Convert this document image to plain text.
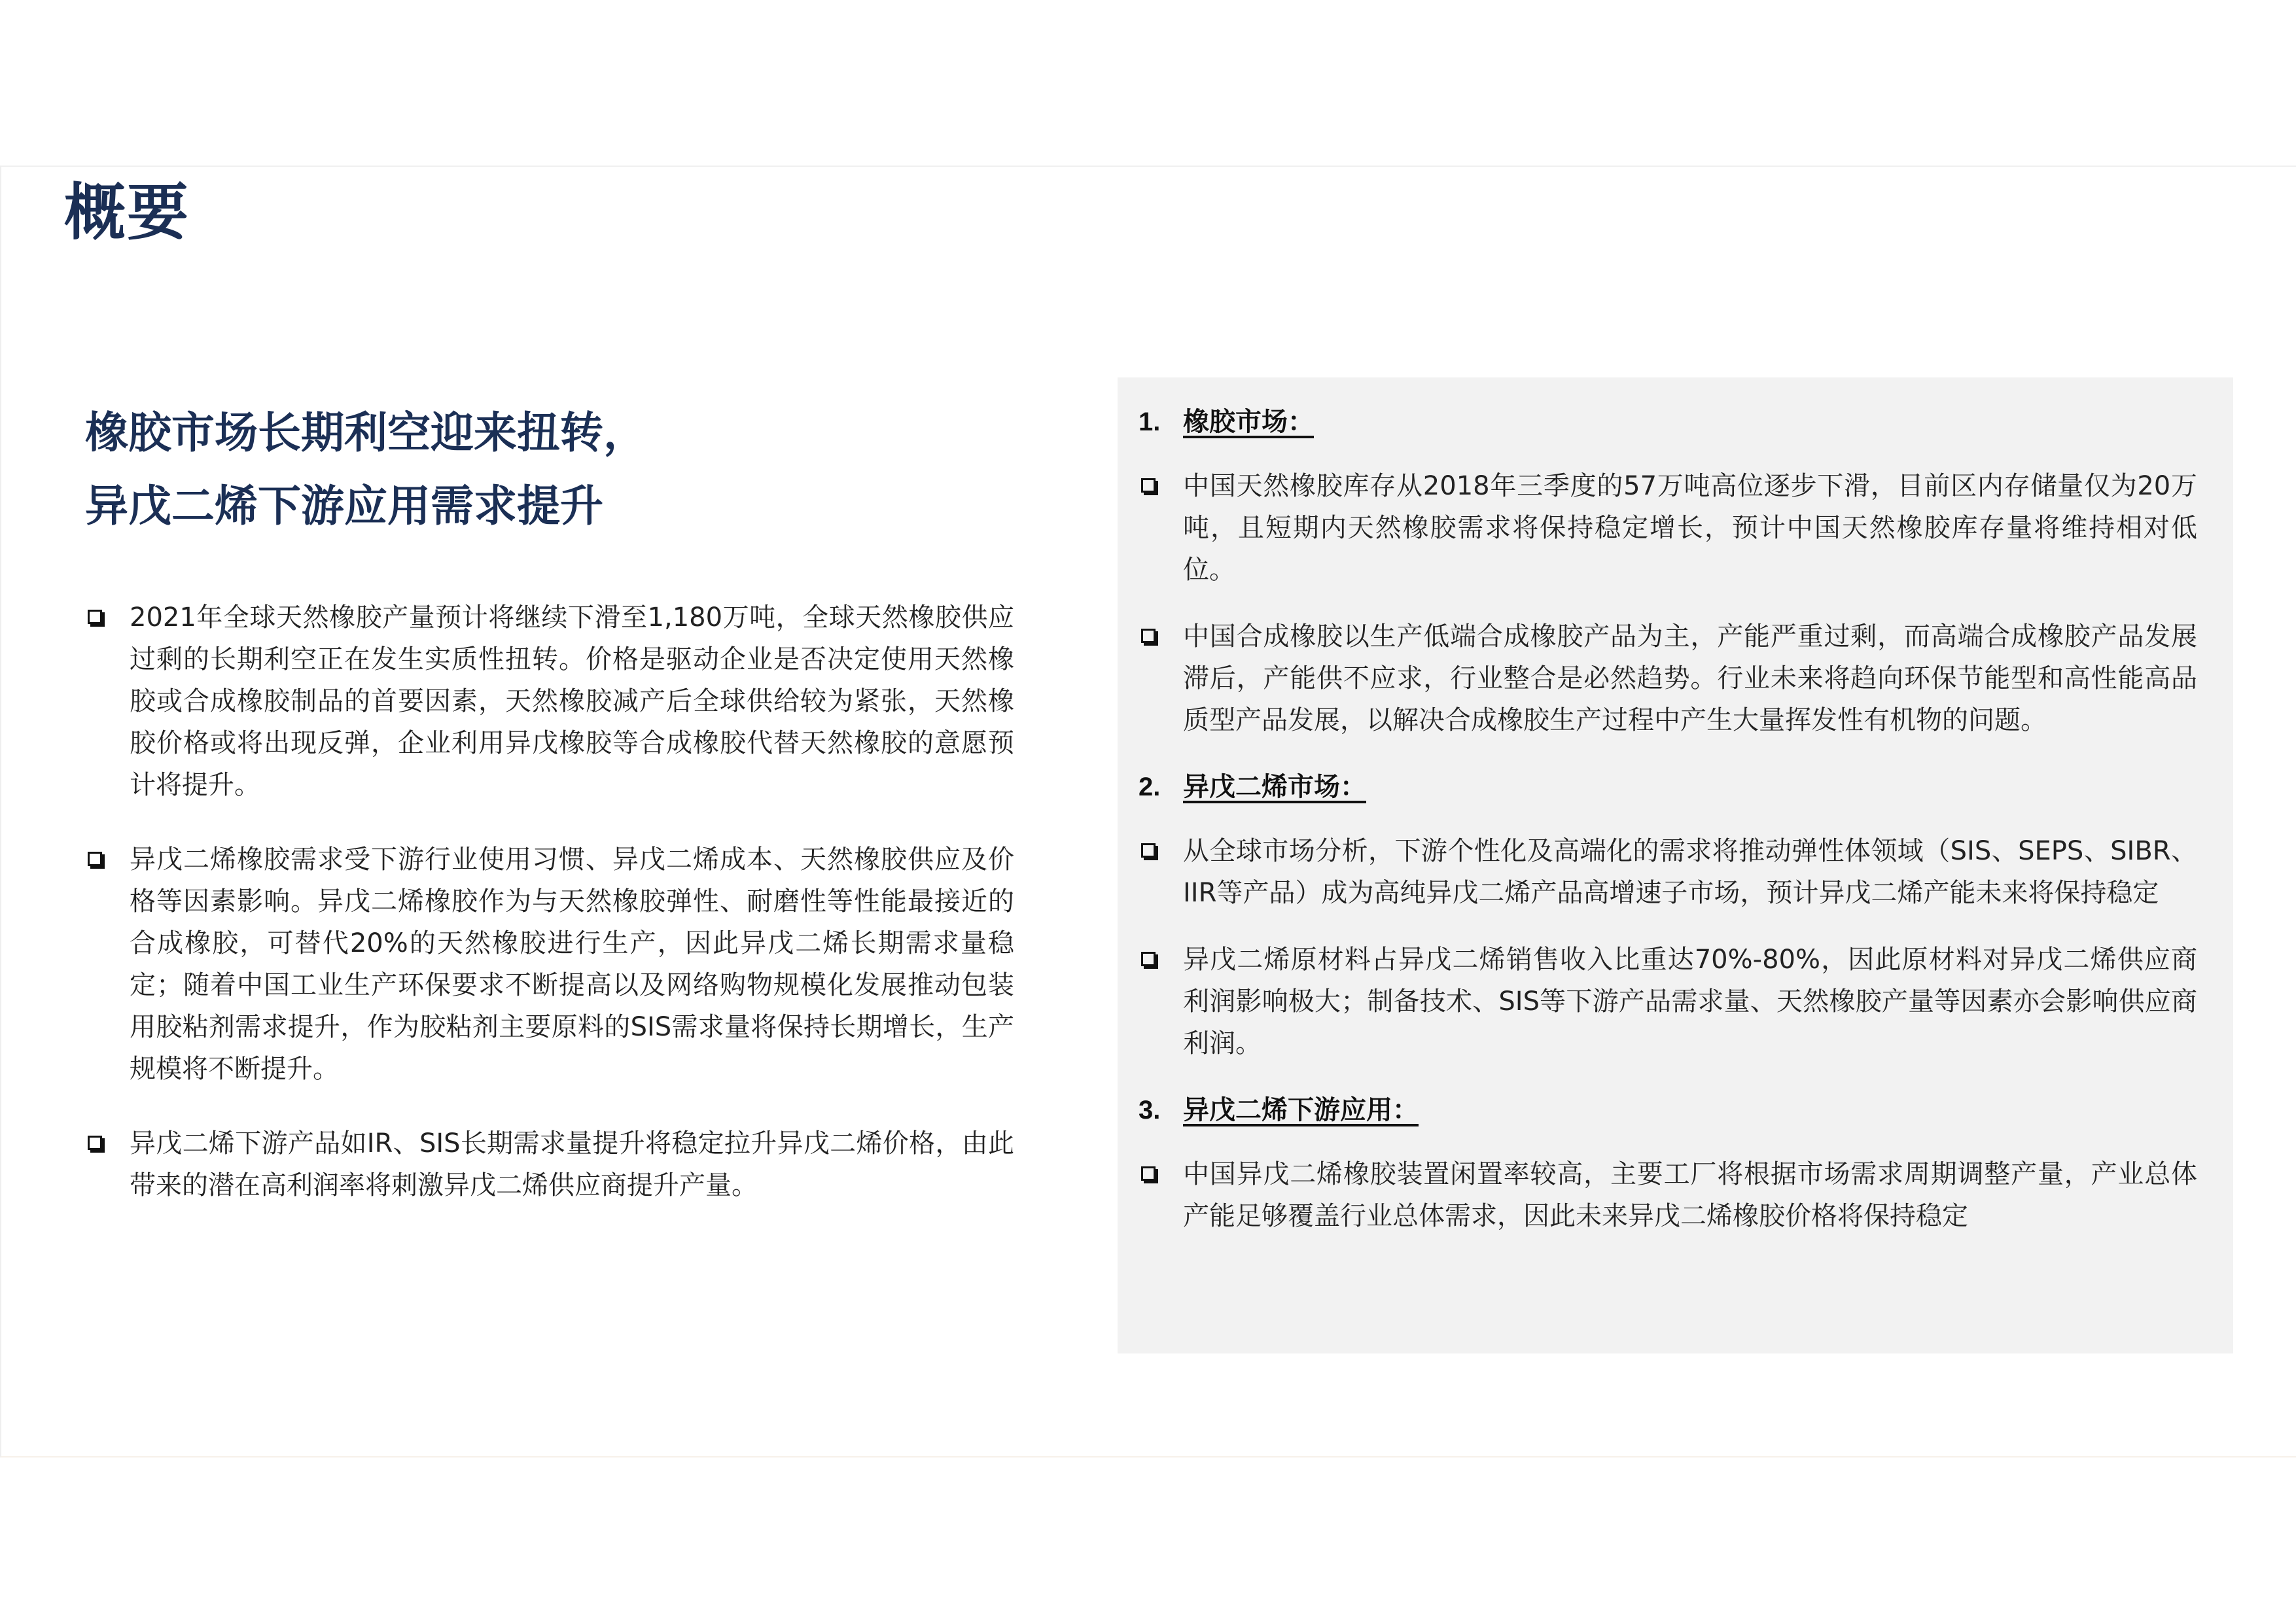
概要
橡胶市场长期利空迎来扭转，
异戊二烯下游应用需求提升
2021年全球天然橡胶产量预计将继续下滑至1,180万吨，全球天然橡胶供应过剩的长期利空正在发生实质性扭转。价格是驱动企业是否决定使用天然橡胶或合成橡胶制品的首要因素，天然橡胶减产后全球供给较为紧张，天然橡胶价格或将出现反弹，企业利用异戊橡胶等合成橡胶代替天然橡胶的意愿预计将提升。
异戊二烯橡胶需求受下游行业使用习惯、异戊二烯成本、天然橡胶供应及价格等因素影响。异戊二烯橡胶作为与天然橡胶弹性、耐磨性等性能最接近的合成橡胶，可替代20%的天然橡胶进行生产，因此异戊二烯长期需求量稳定；随着中国工业生产环保要求不断提高以及网络购物规模化发展推动包装用胶粘剂需求提升，作为胶粘剂主要原料的SIS需求量将保持长期增长，生产规模将不断提升。
异戊二烯下游产品如IR、SIS长期需求量提升将稳定拉升异戊二烯价格，由此带来的潜在高利润率将刺激异戊二烯供应商提升产量。
1. 橡胶市场：
中国天然橡胶库存从2018年三季度的57万吨高位逐步下滑，目前区内存储量仅为20万吨，且短期内天然橡胶需求将保持稳定增长，预计中国天然橡胶库存量将维持相对低位。
中国合成橡胶以生产低端合成橡胶产品为主，产能严重过剩，而高端合成橡胶产品发展滞后，产能供不应求，行业整合是必然趋势。行业未来将趋向环保节能型和高性能高品质型产品发展，以解决合成橡胶生产过程中产生大量挥发性有机物的问题。
2. 异戊二烯市场：
从全球市场分析，下游个性化及高端化的需求将推动弹性体领域（SIS、SEPS、SIBR、IIR等产品）成为高纯异戊二烯产品高增速子市场，预计异戊二烯产能未来将保持稳定
异戊二烯原材料占异戊二烯销售收入比重达70%-80%，因此原材料对异戊二烯供应商利润影响极大；制备技术、SIS等下游产品需求量、天然橡胶产量等因素亦会影响供应商利润。
3. 异戊二烯下游应用：
中国异戊二烯橡胶装置闲置率较高，主要工厂将根据市场需求周期调整产量，产业总体产能足够覆盖行业总体需求，因此未来异戊二烯橡胶价格将保持稳定
